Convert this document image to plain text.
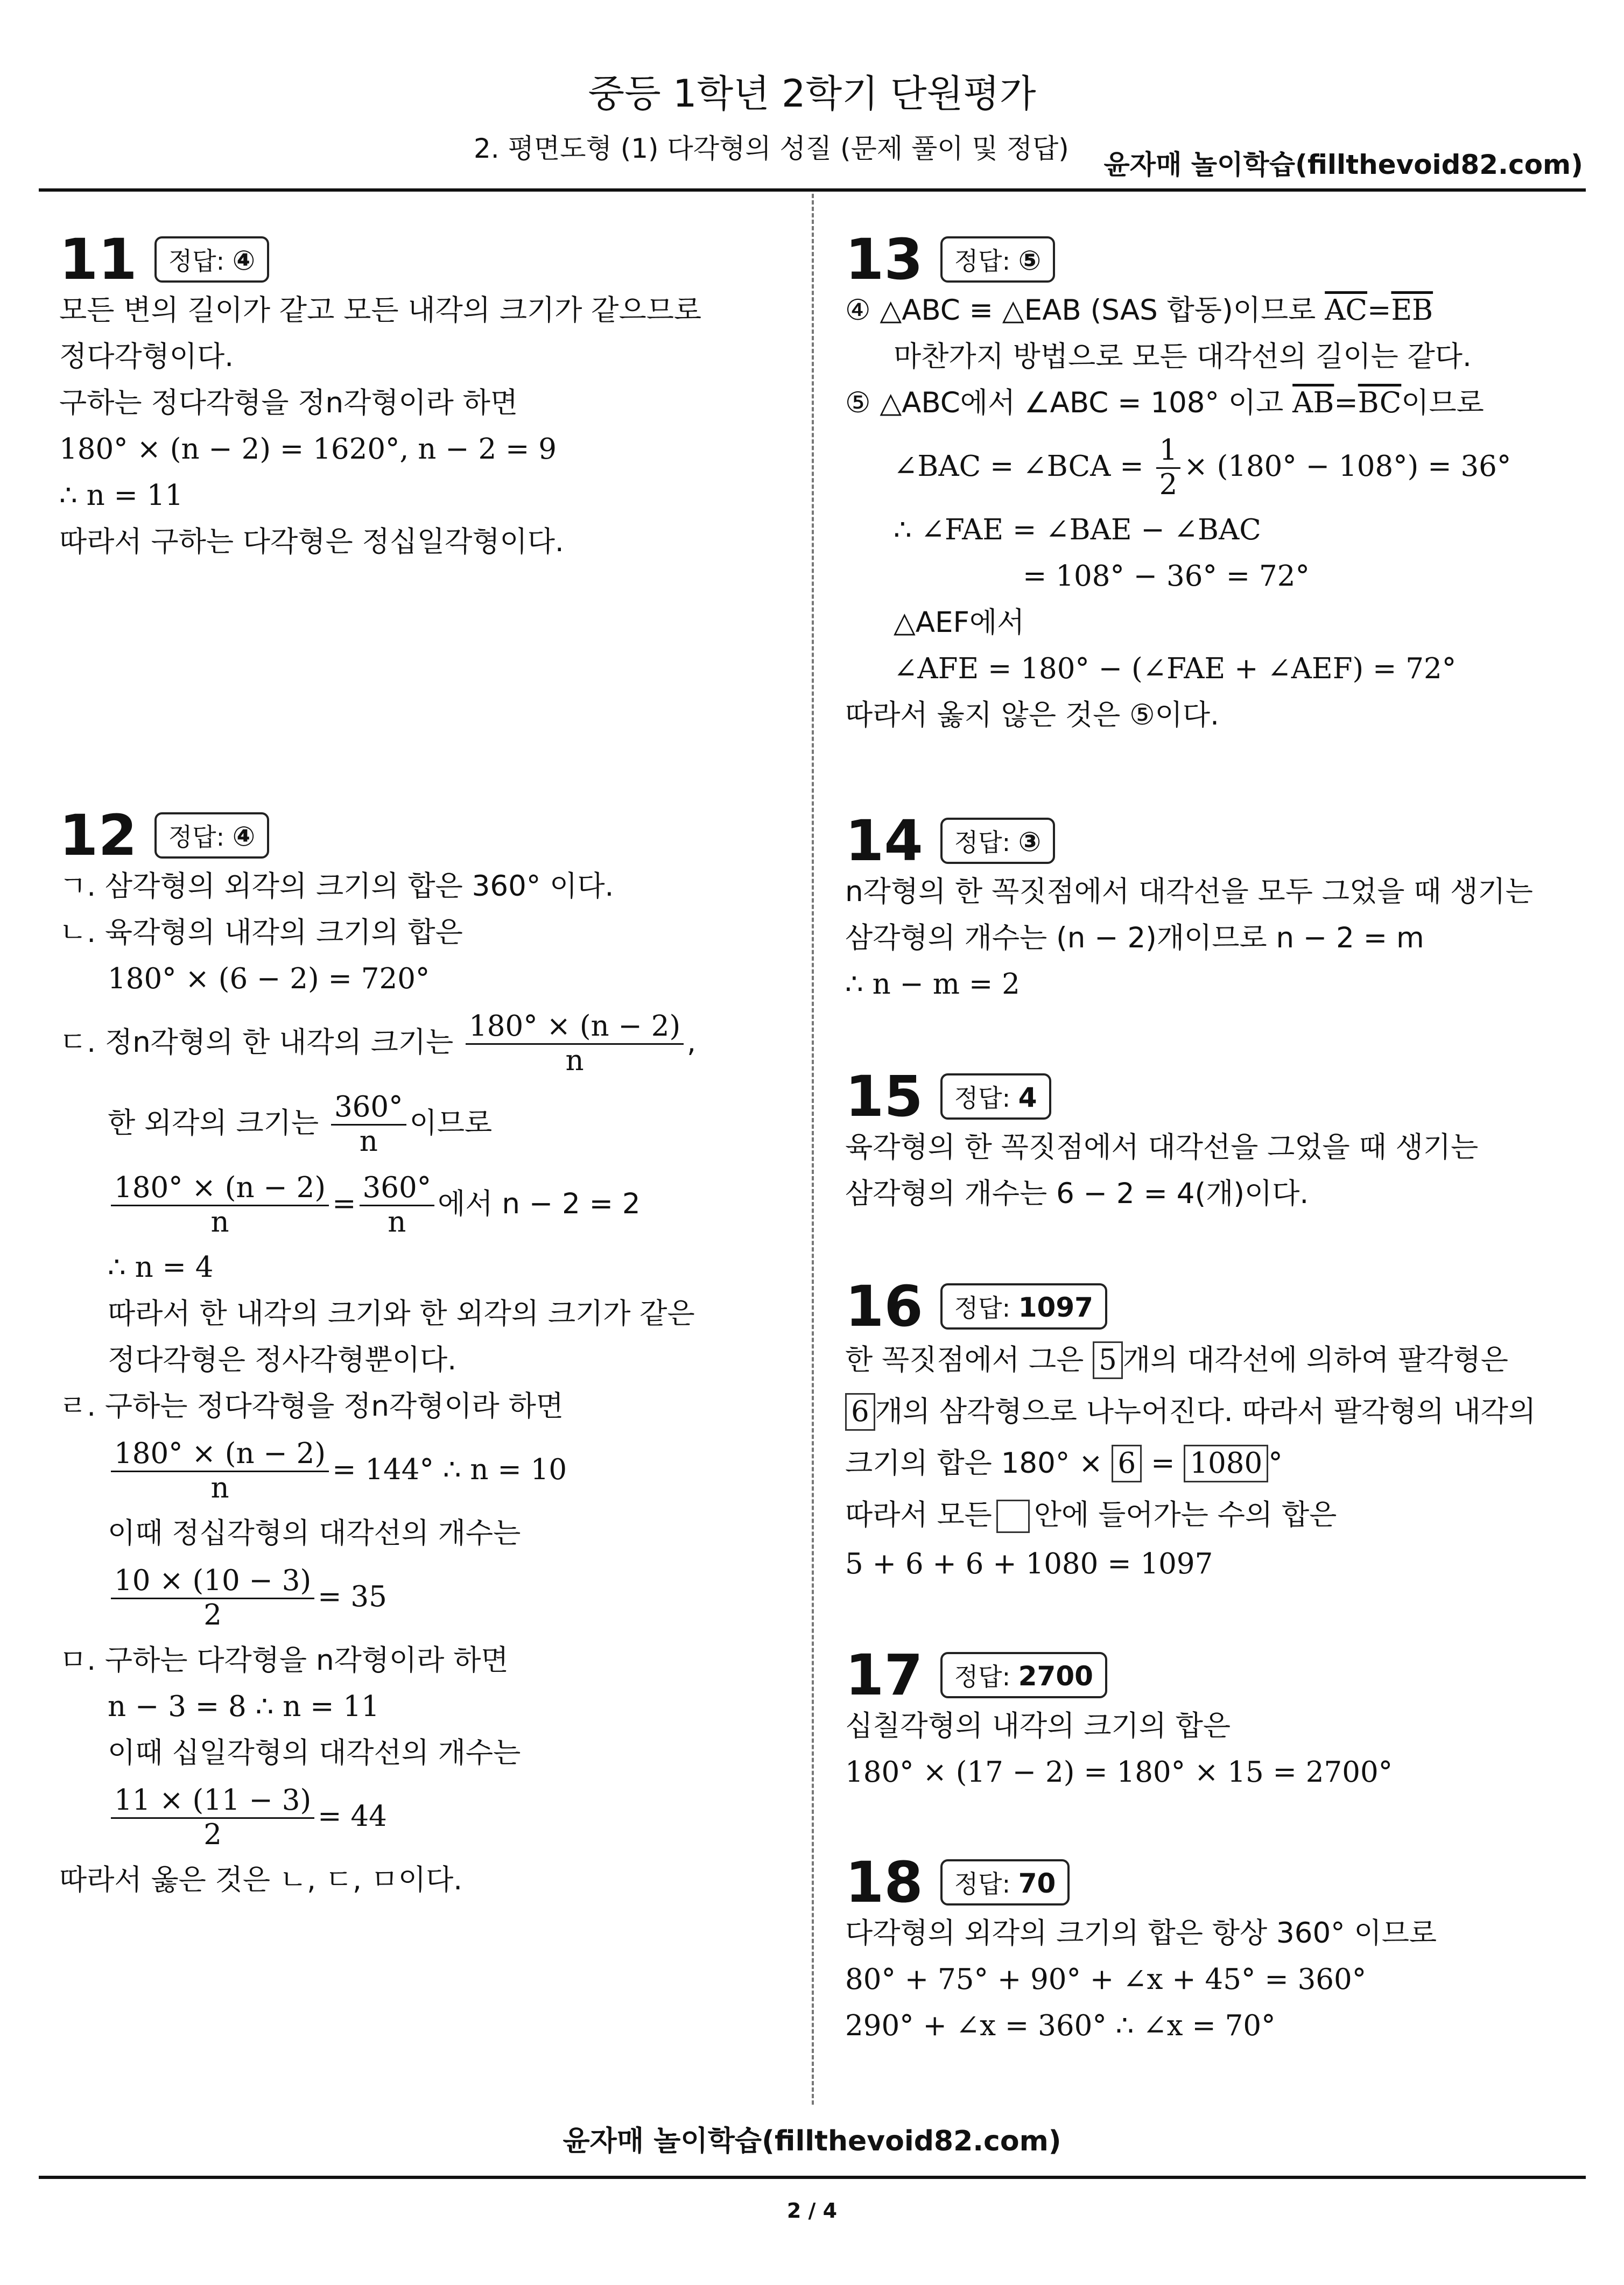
중등 1학년 2학기 단원평가
2. 평면도형 (1) 다각형의 성질 (문제 풀이 및 정답)
윤자매 놀이학습(fillthevoid82.com)
11 정답: ④
모든 변의 길이가 같고 모든 내각의 크기가 같으므로
정다각형이다.
구하는 정다각형을 정n각형이라 하면
180° × (n − 2) = 1620°, n − 2 = 9
∴ n = 11
따라서 구하는 다각형은 정십일각형이다.
12 정답: ④
ㄱ. 삼각형의 외각의 크기의 합은 360° 이다.
ㄴ. 육각형의 내각의 크기의 합은
180° × (6 − 2) = 720°
ㄷ. 정n각형의 한 내각의 크기는 $\frac{180^\circ \times (n - 2)}{n}$ ,
한 외각의 크기는 $\frac{360^\circ}{n}$ 이므로
$\frac{180^\circ \times (n - 2)}{n} = \frac{360^\circ}{n}$ 에서 n − 2 = 2
∴ n = 4
따라서 한 내각의 크기와 한 외각의 크기가 같은
정다각형은 정사각형뿐이다.
ㄹ. 구하는 정다각형을 정n각형이라 하면
$\frac{180^\circ \times (n - 2)}{n} = 144^\circ$ ∴ n = 10
이때 정십각형의 대각선의 개수는
$\frac{10 \times (10 - 3)}{2} = 35$
ㅁ. 구하는 다각형을 n각형이라 하면
n − 3 = 8 ∴ n = 11
이때 십일각형의 대각선의 개수는
$\frac{11 \times (11 - 3)}{2} = 44$
따라서 옳은 것은 ㄴ, ㄷ, ㅁ이다.
13 정답: ⑤
④ △ABC ≡ △EAB (SAS 합동)이므로 $\overline{AC}=\overline{EB}$
마찬가지 방법으로 모든 대각선의 길이는 같다.
⑤ △ABC에서 ∠ABC = 108° 이고 $\overline{AB}=\overline{BC}$이므로
∠BAC = ∠BCA = $\frac{1}{2} \times (180^\circ - 108^\circ) = 36^\circ$
∴ ∠FAE = ∠BAE − ∠BAC
= 108° − 36° = 72°
△AEF에서
∠AFE = 180° − (∠FAE + ∠AEF) = 72°
따라서 옳지 않은 것은 ⑤이다.
14 정답: ③
n각형의 한 꼭짓점에서 대각선을 모두 그었을 때 생기는
삼각형의 개수는 (n − 2)개이므로 n − 2 = m
∴ n − m = 2
15 정답: 4
육각형의 한 꼭짓점에서 대각선을 그었을 때 생기는
삼각형의 개수는 6 − 2 = 4(개)이다.
16 정답: 1097
한 꼭짓점에서 그은 5 개의 대각선에 의하여 팔각형은
6 개의 삼각형으로 나누어진다. 따라서 팔각형의 내각의
크기의 합은 180° × 6 = 1080 °
따라서 모든 안에 들어가는 수의 합은
5 + 6 + 6 + 1080 = 1097
17 정답: 2700
십칠각형의 내각의 크기의 합은
180° × (17 − 2) = 180° × 15 = 2700°
18 정답: 70
다각형의 외각의 크기의 합은 항상 360° 이므로
80° + 75° + 90° + ∠x + 45° = 360°
290° + ∠x = 360° ∴ ∠x = 70°
윤자매 놀이학습(fillthevoid82.com)
2 / 4
